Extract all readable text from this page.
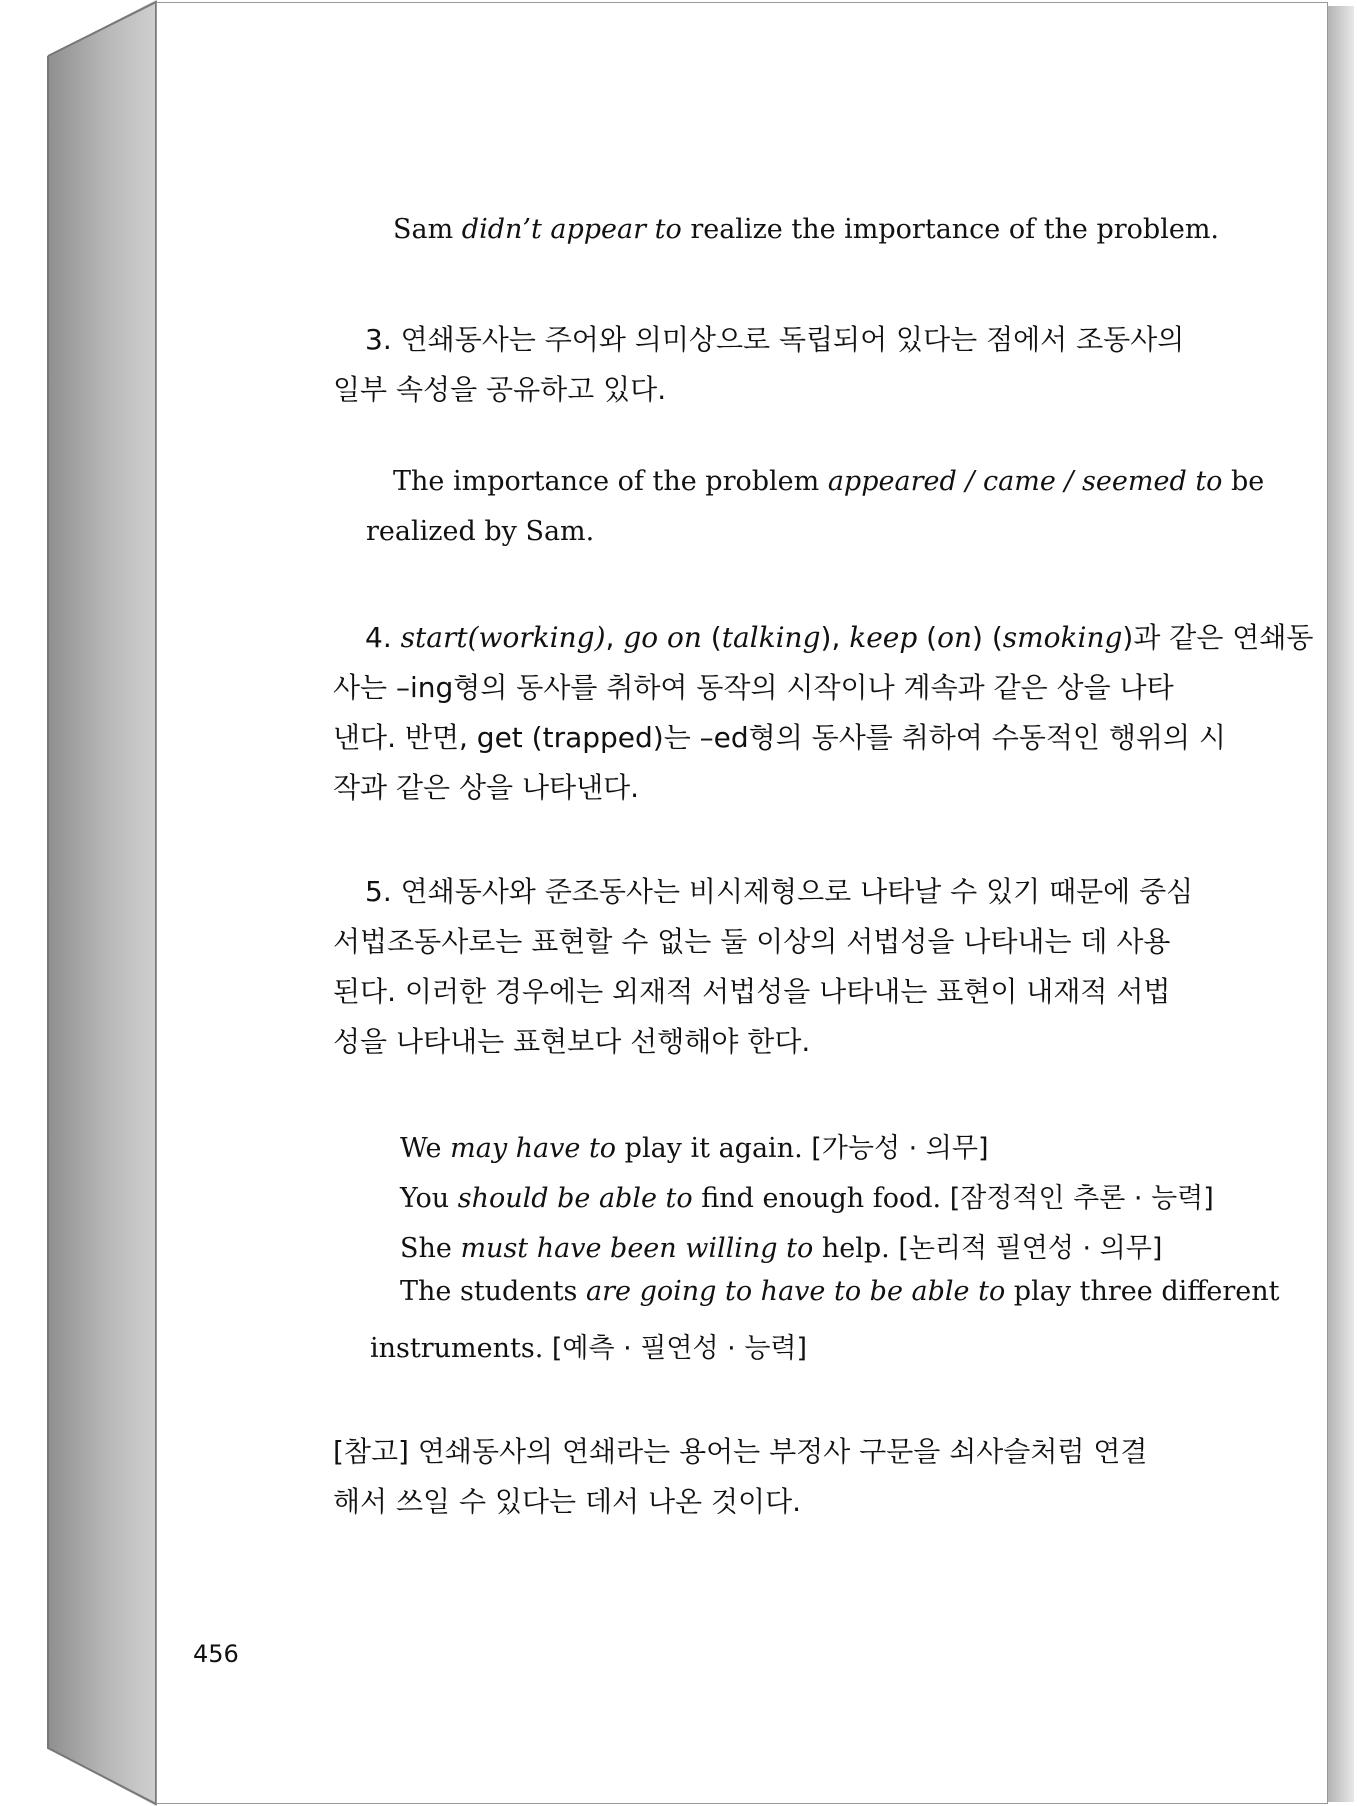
Sam didn’t appear to realize the importance of the problem.
3. 연쇄동사는 주어와 의미상으로 독립되어 있다는 점에서 조동사의
일부 속성을 공유하고 있다.
The importance of the problem appeared / came / seemed to be
realized by Sam.
4. start(working), go on (talking), keep (on) (smoking)과 같은 연쇄동
사는 –ing형의 동사를 취하여 동작의 시작이나 계속과 같은 상을 나타
낸다. 반면, get (trapped)는 –ed형의 동사를 취하여 수동적인 행위의 시
작과 같은 상을 나타낸다.
5. 연쇄동사와 준조동사는 비시제형으로 나타날 수 있기 때문에 중심
서법조동사로는 표현할 수 없는 둘 이상의 서법성을 나타내는 데 사용
된다. 이러한 경우에는 외재적 서법성을 나타내는 표현이 내재적 서법
성을 나타내는 표현보다 선행해야 한다.
We may have to play it again. [가능성 · 의무]
You should be able to find enough food. [잠정적인 추론 · 능력]
She must have been willing to help. [논리적 필연성 · 의무]
The students are going to have to be able to play three different
instruments. [예측 · 필연성 · 능력]
[참고] 연쇄동사의 연쇄라는 용어는 부정사 구문을 쇠사슬처럼 연결
해서 쓰일 수 있다는 데서 나온 것이다.
456
